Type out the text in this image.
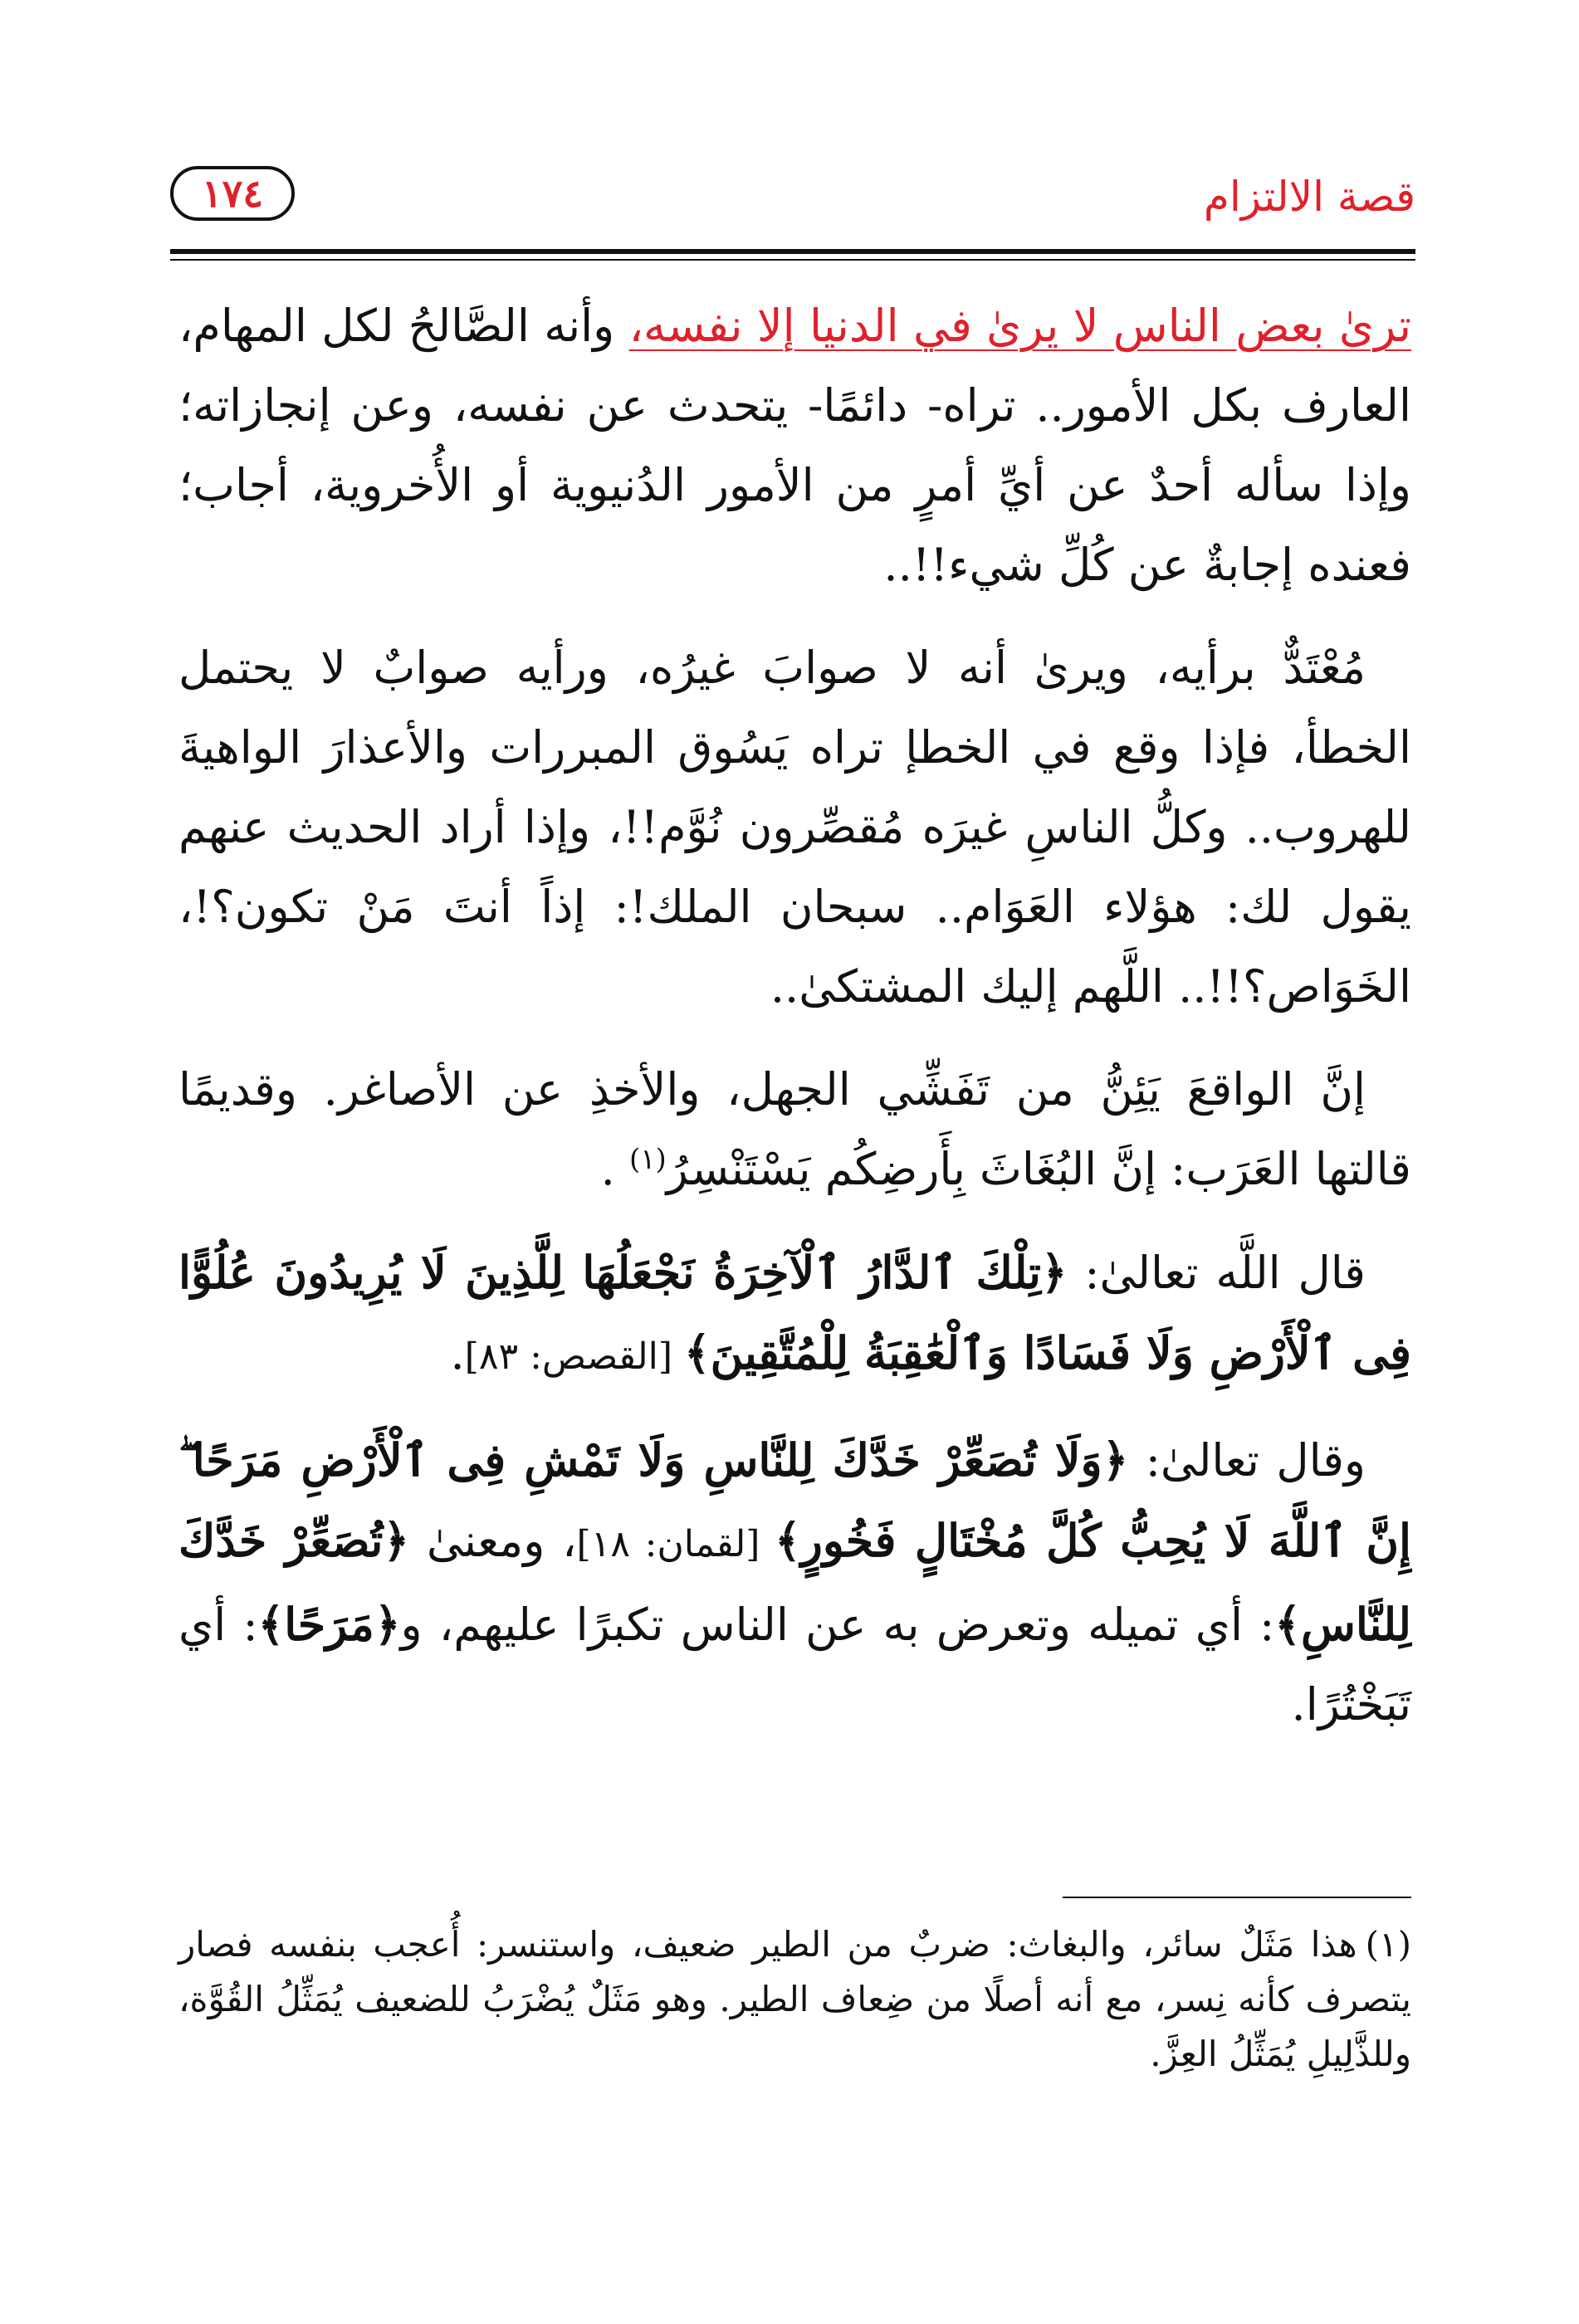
قصة الالتزام
١٧٤

ترىٰ بعض الناس لا يرىٰ في الدنيا إلا نفسه، وأنه الصَّالحُ لكل المهام، العارف بكل الأمور.. تراه- دائمًا- يتحدث عن نفسه، وعن إنجازاته؛ وإذا سأله أحدٌ عن أيِّ أمرٍ من الأمور الدُنيوية أو الأُخروية، أجاب؛ فعنده إجابةٌ عن كُلِّ شيء!!..

مُعْتَدٌّ برأيه، ويرىٰ أنه لا صوابَ غيرُه، ورأيه صوابٌ لا يحتمل الخطأ، فإذا وقع في الخطإ تراه يَسُوق المبررات والأعذارَ الواهيةَ للهروب.. وكلُّ الناسِ غيرَه مُقصِّرون نُوَّم!!، وإذا أراد الحديث عنهم يقول لك: هؤلاء العَوَام.. سبحان الملك!: إذاً أنتَ مَنْ تكون؟!، الخَوَاص؟!!.. اللَّهم إليك المشتكىٰ..

إنَّ الواقعَ يَئِنُّ من تَفَشِّي الجهل، والأخذِ عن الأصاغر. وقديمًا قالتها العَرَب: إنَّ البُغَاثَ بِأَرضِكُم يَسْتَنْسِرُ$^{(١)}$ .

قال اللَّه تعالىٰ: ﴿تِلْكَ ٱلدَّارُ ٱلْآخِرَةُ نَجْعَلُهَا لِلَّذِينَ لَا يُرِيدُونَ عُلُوًّا فِى ٱلْأَرْضِ وَلَا فَسَادًا وَٱلْعَٰقِبَةُ لِلْمُتَّقِينَ﴾ [القصص: ٨٣].

وقال تعالىٰ: ﴿وَلَا تُصَعِّرْ خَدَّكَ لِلنَّاسِ وَلَا تَمْشِ فِى ٱلْأَرْضِ مَرَحًا ۖ إِنَّ ٱللَّهَ لَا يُحِبُّ كُلَّ مُخْتَالٍ فَخُورٍ﴾ [لقمان: ١٨]، ومعنىٰ ﴿تُصَعِّرْ خَدَّكَ لِلنَّاسِ﴾: أي تميله وتعرض به عن الناس تكبرًا عليهم، و﴿مَرَحًا﴾: أي تَبَخْتُرًا.

(١)هذا مَثَلٌ سائر، والبغاث: ضربٌ من الطير ضعيف، واستنسر: أُعجب بنفسه فصار يتصرف كأنه نِسر، مع أنه أصلًا من ضِعاف الطير. وهو مَثَلٌ يُضْرَبُ للضعيف يُمَثِّلُ القُوَّة، وللذَّلِيلِ يُمَثِّلُ العِزَّ.
